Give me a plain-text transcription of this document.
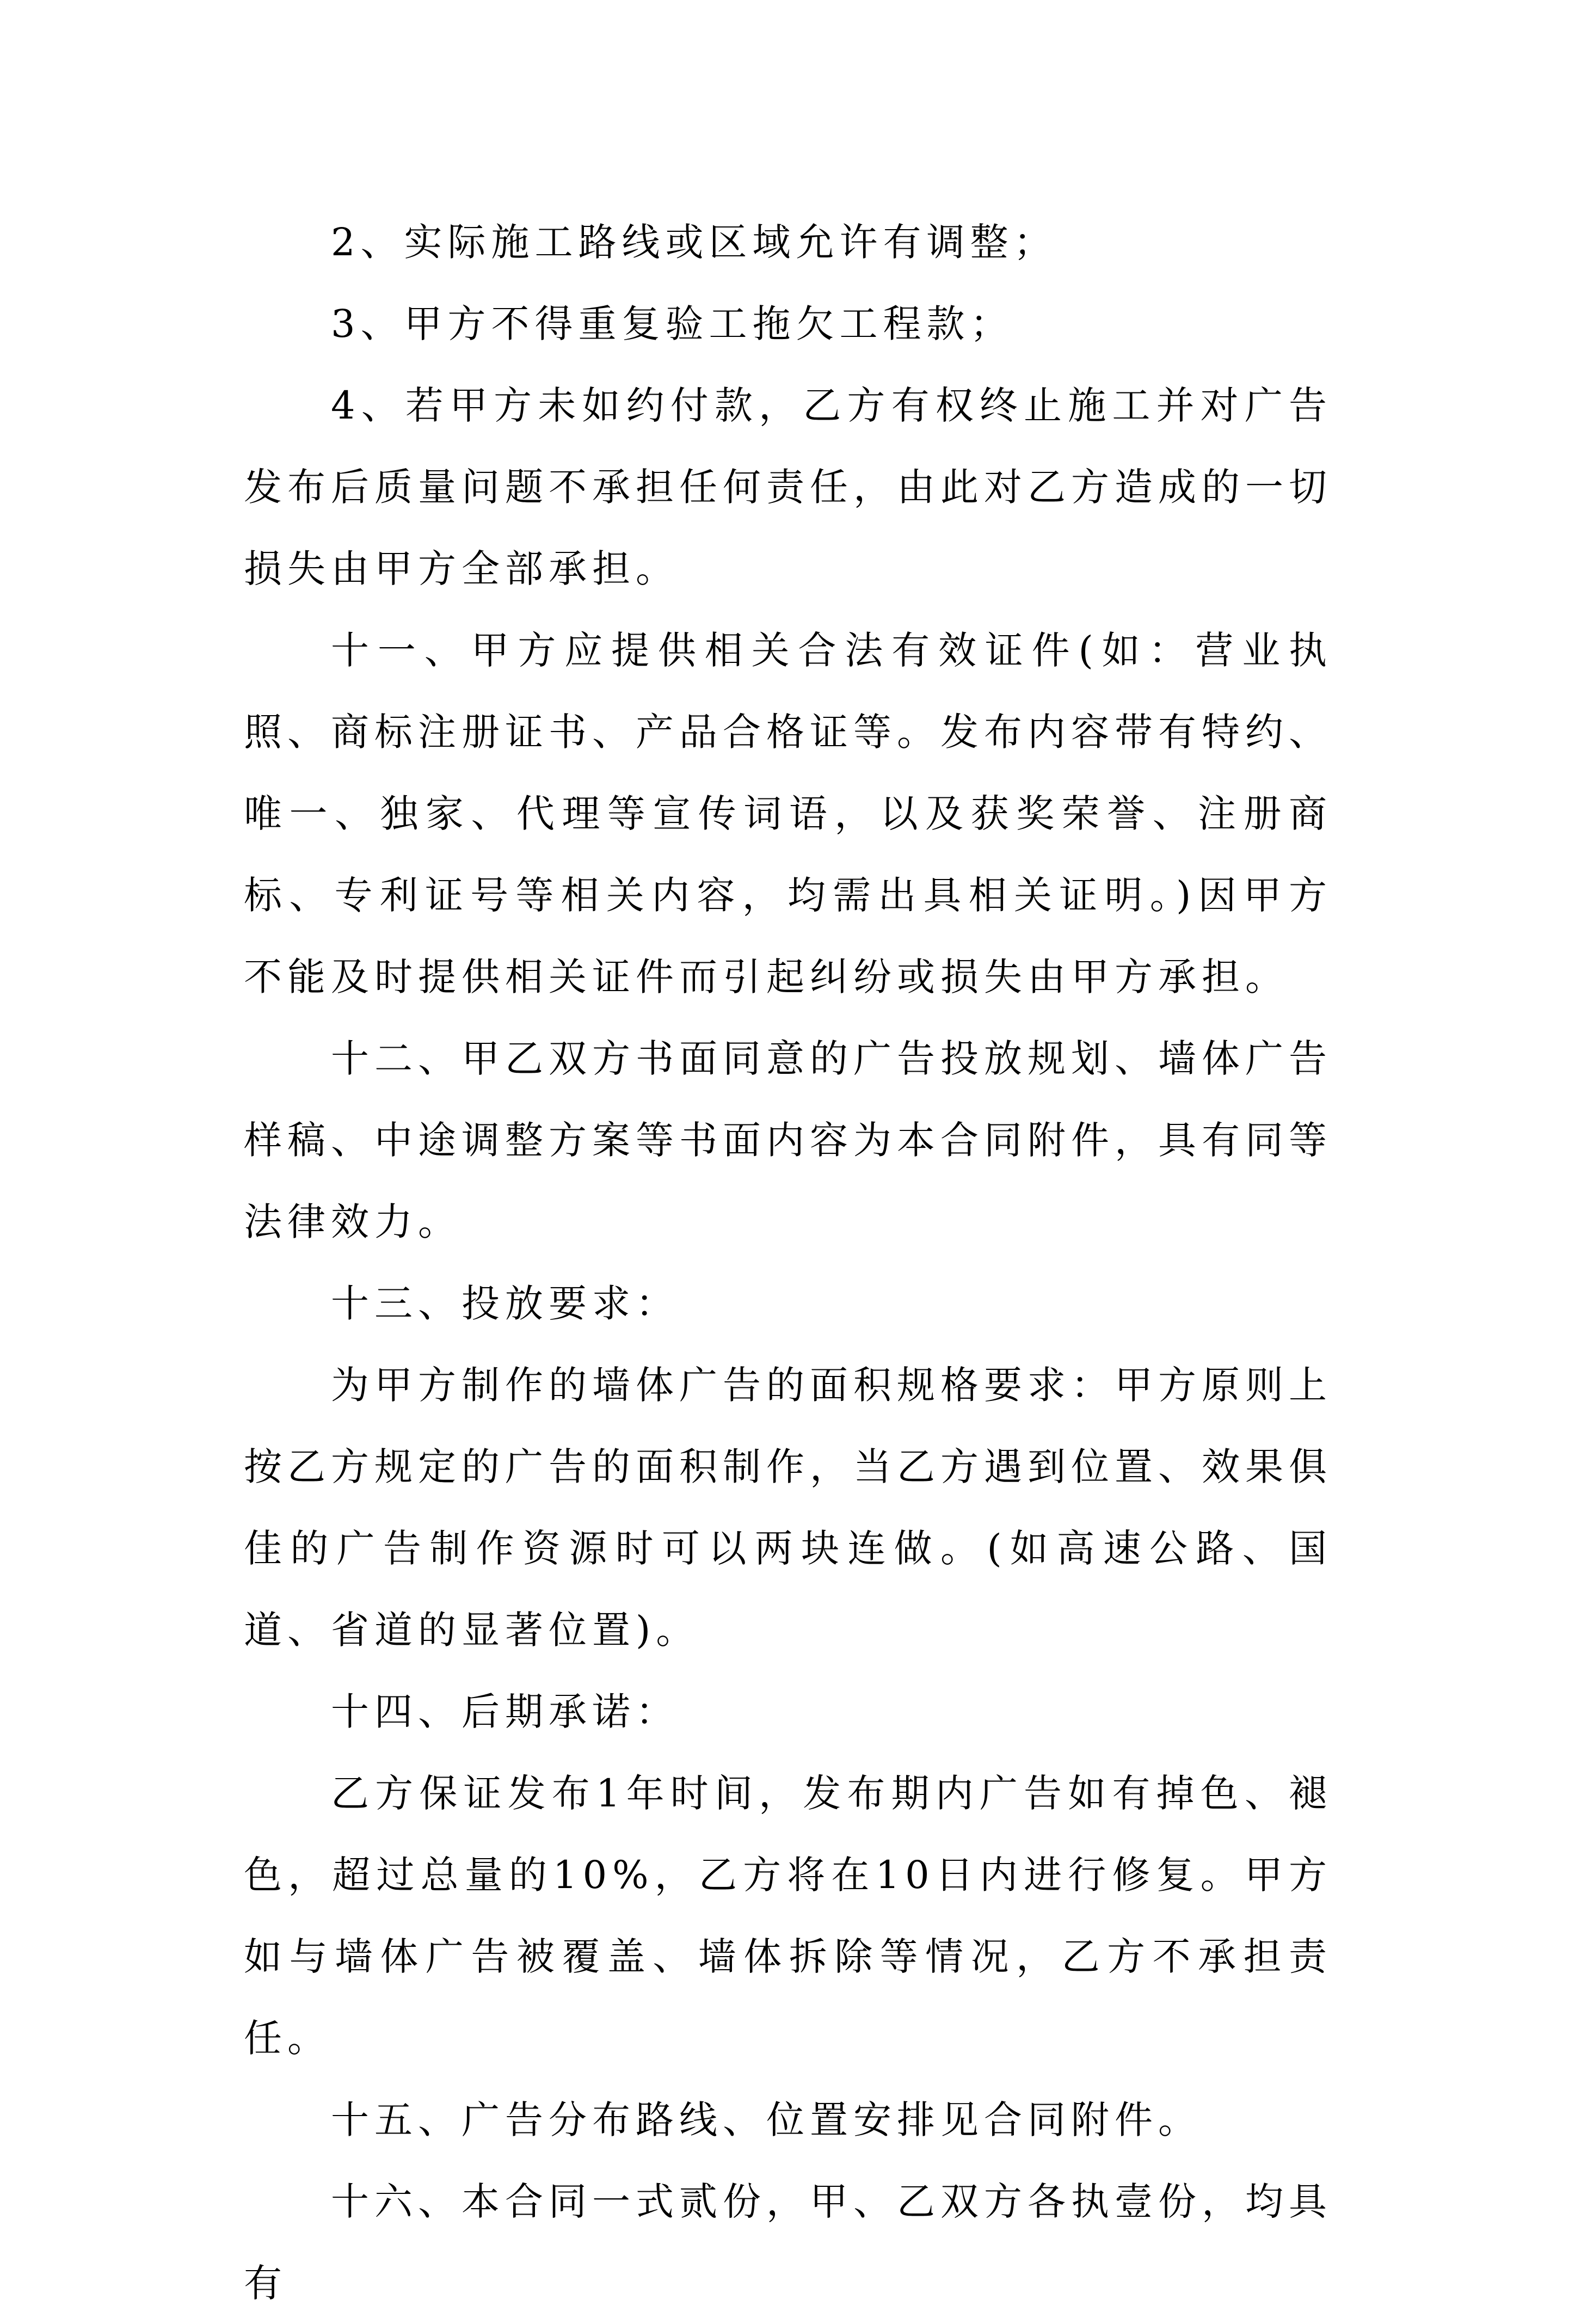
2、实际施工路线或区域允许有调整；

3、甲方不得重复验工拖欠工程款；

4、若甲方未如约付款，乙方有权终止施工并对广告发布后质量问题不承担任何责任，由此对乙方造成的一切损失由甲方全部承担。

十一、甲方应提供相关合法有效证件(如：营业执照、商标注册证书、产品合格证等。发布内容带有特约、唯一、独家、代理等宣传词语，以及获奖荣誉、注册商标、专利证号等相关内容，均需出具相关证明。)因甲方不能及时提供相关证件而引起纠纷或损失由甲方承担。

十二、甲乙双方书面同意的广告投放规划、墙体广告样稿、中途调整方案等书面内容为本合同附件，具有同等法律效力。

十三、投放要求：

为甲方制作的墙体广告的面积规格要求：甲方原则上按乙方规定的广告的面积制作，当乙方遇到位置、效果俱佳的广告制作资源时可以两块连做。(如高速公路、国道、省道的显著位置)。

十四、后期承诺：

乙方保证发布1年时间，发布期内广告如有掉色、褪色，超过总量的10%，乙方将在10日内进行修复。甲方如与墙体广告被覆盖、墙体拆除等情况，乙方不承担责任。

十五、广告分布路线、位置安排见合同附件。

十六、本合同一式贰份，甲、乙双方各执壹份，均具有
